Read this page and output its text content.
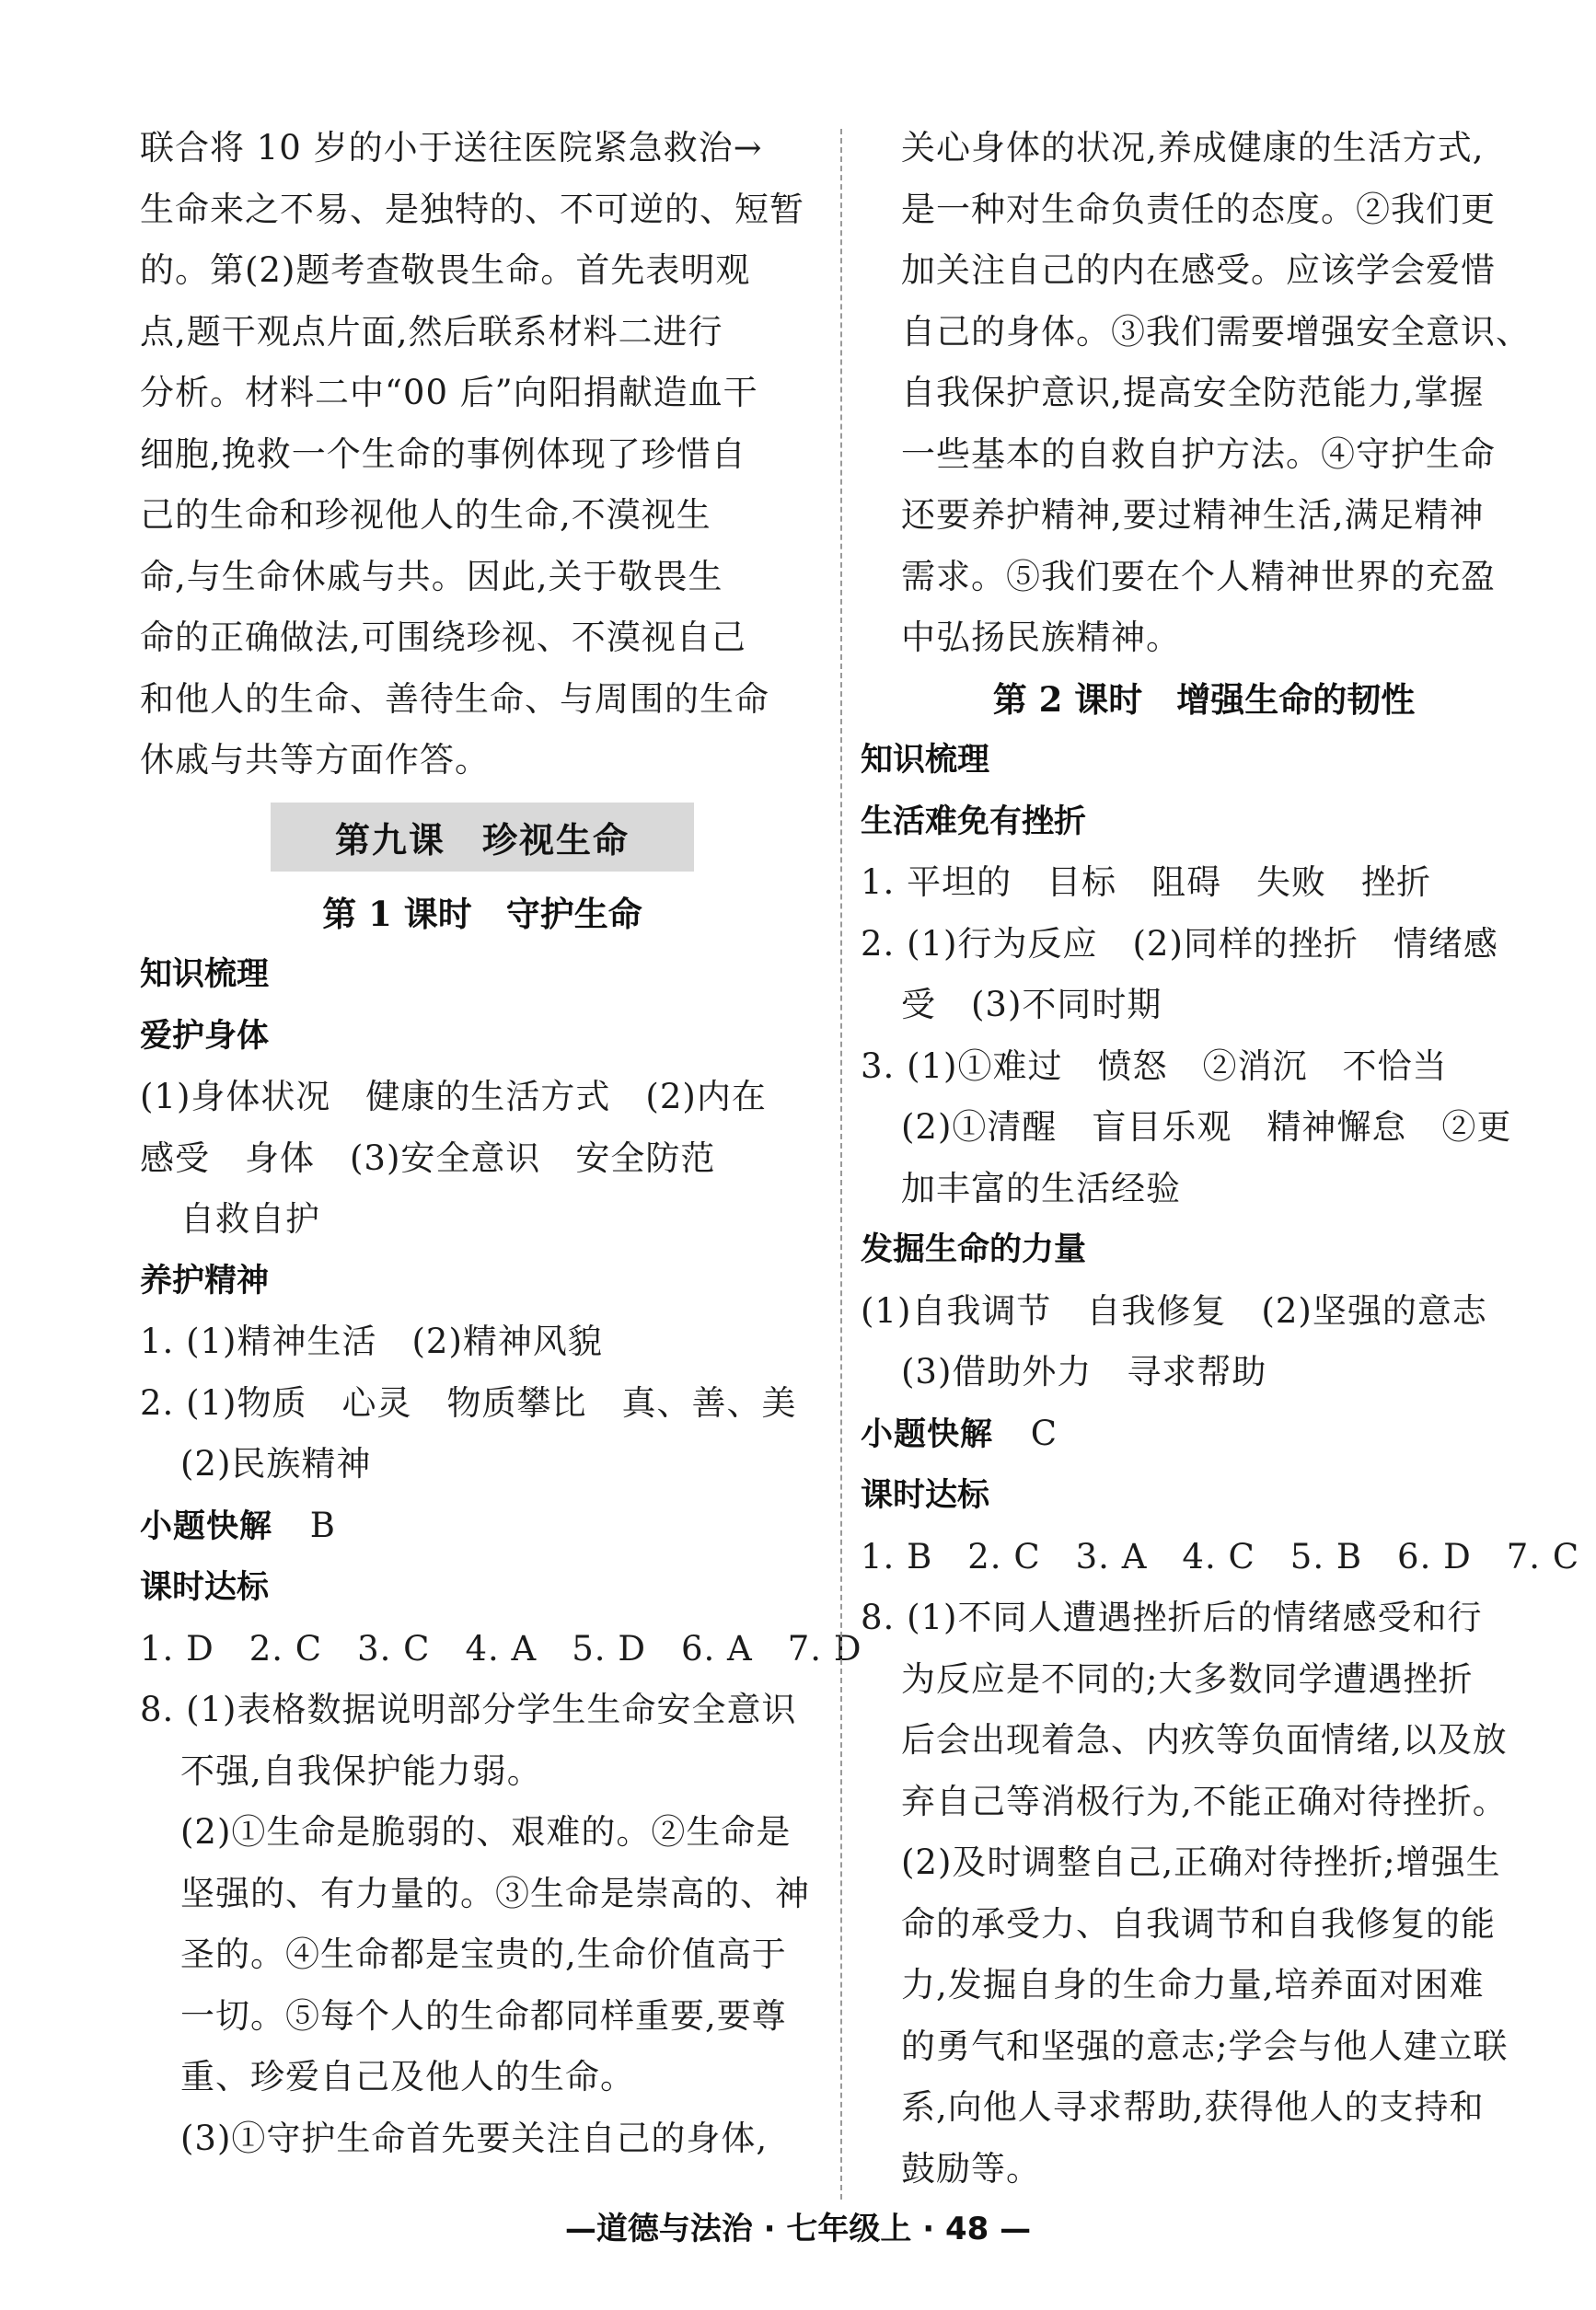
联合将 10 岁的小于送往医院紧急救治→
生命来之不易、是独特的、不可逆的、短暂
的。第(2)题考查敬畏生命。首先表明观
点,题干观点片面,然后联系材料二进行
分析。材料二中“00 后”向阳捐献造血干
细胞,挽救一个生命的事例体现了珍惜自
己的生命和珍视他人的生命,不漠视生
命,与生命休戚与共。因此,关于敬畏生
命的正确做法,可围绕珍视、不漠视自己
和他人的生命、善待生命、与周围的生命
休戚与共等方面作答。
第九课　珍视生命
第 1 课时　守护生命
知识梳理
爱护身体
(1)身体状况　健康的生活方式　(2)内在
感受　身体　(3)安全意识　安全防范
自救自护
养护精神
1. (1)精神生活　(2)精神风貌
2. (1)物质　心灵　物质攀比　真、善、美
(2)民族精神
小题快解 B
课时达标
1. D　2. C　3. C　4. A　5. D　6. A　7. D
8. (1)表格数据说明部分学生生命安全意识
不强,自我保护能力弱。
(2)①生命是脆弱的、艰难的。②生命是
坚强的、有力量的。③生命是崇高的、神
圣的。④生命都是宝贵的,生命价值高于
一切。⑤每个人的生命都同样重要,要尊
重、珍爱自己及他人的生命。
(3)①守护生命首先要关注自己的身体,
关心身体的状况,养成健康的生活方式,
是一种对生命负责任的态度。②我们更
加关注自己的内在感受。应该学会爱惜
自己的身体。③我们需要增强安全意识、
自我保护意识,提高安全防范能力,掌握
一些基本的自救自护方法。④守护生命
还要养护精神,要过精神生活,满足精神
需求。⑤我们要在个人精神世界的充盈
中弘扬民族精神。
第 2 课时　增强生命的韧性
知识梳理
生活难免有挫折
1. 平坦的　目标　阻碍　失败　挫折
2. (1)行为反应　(2)同样的挫折　情绪感
受　(3)不同时期
3. (1)①难过　愤怒　②消沉　不恰当
(2)①清醒　盲目乐观　精神懈怠　②更
加丰富的生活经验
发掘生命的力量
(1)自我调节　自我修复　(2)坚强的意志
(3)借助外力　寻求帮助
小题快解 C
课时达标
1. B　2. C　3. A　4. C　5. B　6. D　7. C
8. (1)不同人遭遇挫折后的情绪感受和行
为反应是不同的;大多数同学遭遇挫折
后会出现着急、内疚等负面情绪,以及放
弃自己等消极行为,不能正确对待挫折。
(2)及时调整自己,正确对待挫折;增强生
命的承受力、自我调节和自我修复的能
力,发掘自身的生命力量,培养面对困难
的勇气和坚强的意志;学会与他人建立联
系,向他人寻求帮助,获得他人的支持和
鼓励等。
—道德与法治 · 七年级上 · 48 —
